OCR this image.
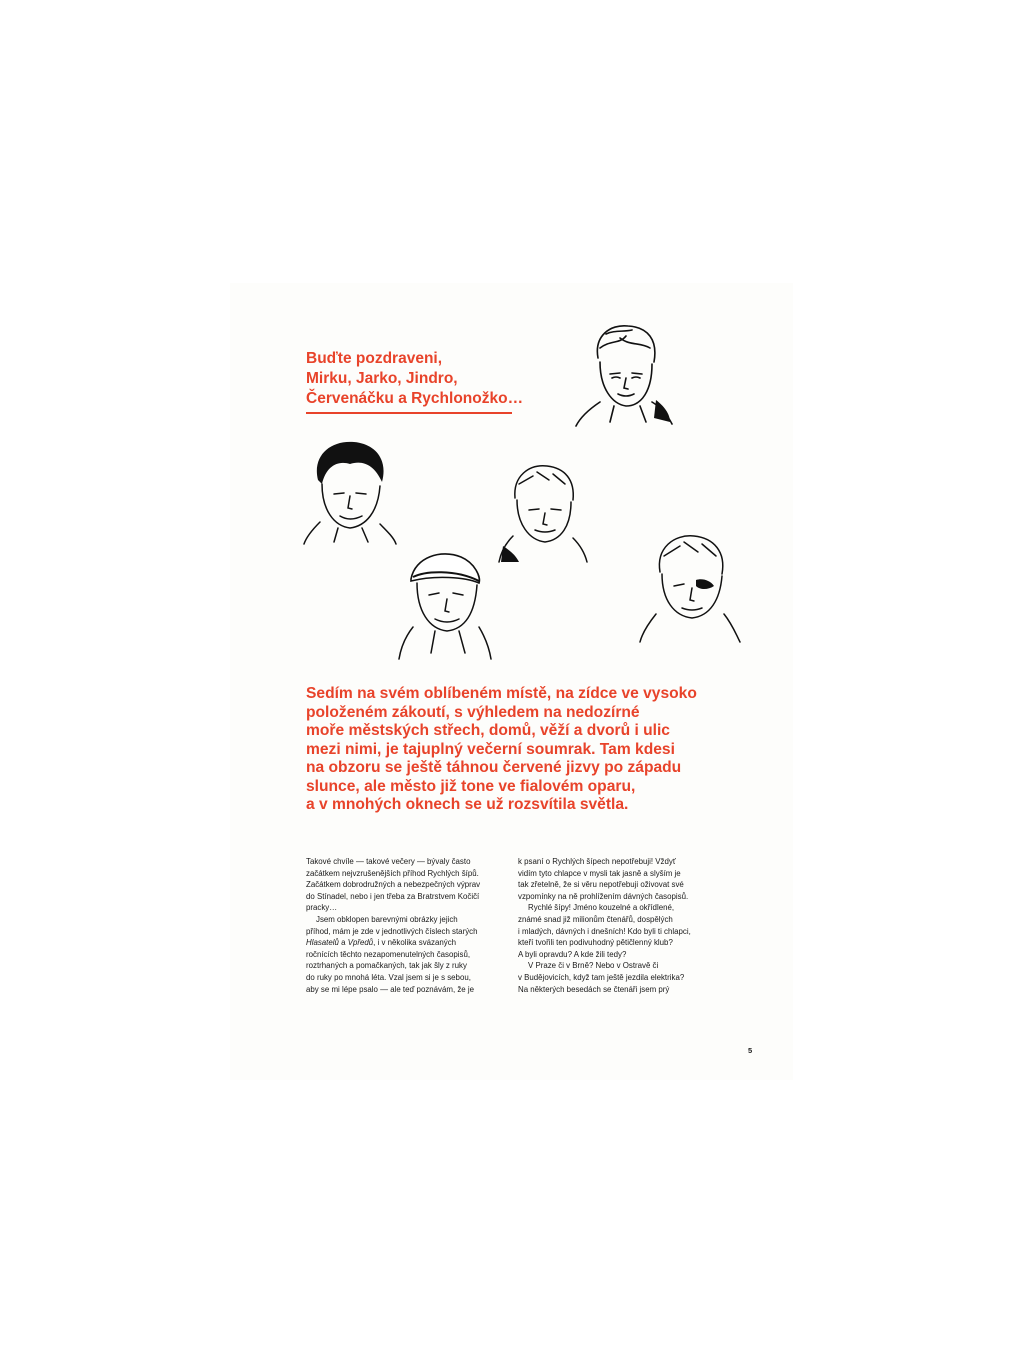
Buďte pozdraveni,
Mirku, Jarko, Jindro,
Červenáčku a Rychlonožko…
Sedím na svém oblíbeném místě, na zídce ve vysoko
položeném zákoutí, s výhledem na nedozírné
moře městských střech, domů, věží a dvorů i ulic
mezi nimi, je tajuplný večerní soumrak. Tam kdesi
na obzoru se ještě táhnou červené jizvy po západu
slunce, ale město již tone ve fialovém oparu,
a v mnohých oknech se už rozsvítila světla.
Takové chvíle — takové večery — bývaly často
začátkem nejvzrušenějších příhod Rychlých šípů.
Začátkem dobrodružných a nebezpečných výprav
do Stínadel, nebo i jen třeba za Bratrstvem Kočičí
pracky…
Jsem obklopen barevnými obrázky jejich
příhod, mám je zde v jednotlivých číslech starých
Hlasatelů a Vpředů, i v několika svázaných
ročnících těchto nezapomenutelných časopisů,
roztrhaných a pomačkaných, tak jak šly z ruky
do ruky po mnohá léta. Vzal jsem si je s sebou,
aby se mi lépe psalo — ale teď poznávám, že je
k psaní o Rychlých šípech nepotřebuji! Vždyť
vidím tyto chlapce v mysli tak jasně a slyším je
tak zřetelně, že si věru nepotřebuji oživovat své
vzpomínky na ně prohlížením dávných časopisů.
Rychlé šípy! Jméno kouzelné a okřídlené,
známé snad již milionům čtenářů, dospělých
i mladých, dávných i dnešních! Kdo byli ti chlapci,
kteří tvořili ten podivuhodný pětičlenný klub?
A byli opravdu? A kde žili tedy?
V Praze či v Brně? Nebo v Ostravě či
v Budějovicích, když tam ještě jezdila elektrika?
Na některých besedách se čtenáři jsem prý
5
